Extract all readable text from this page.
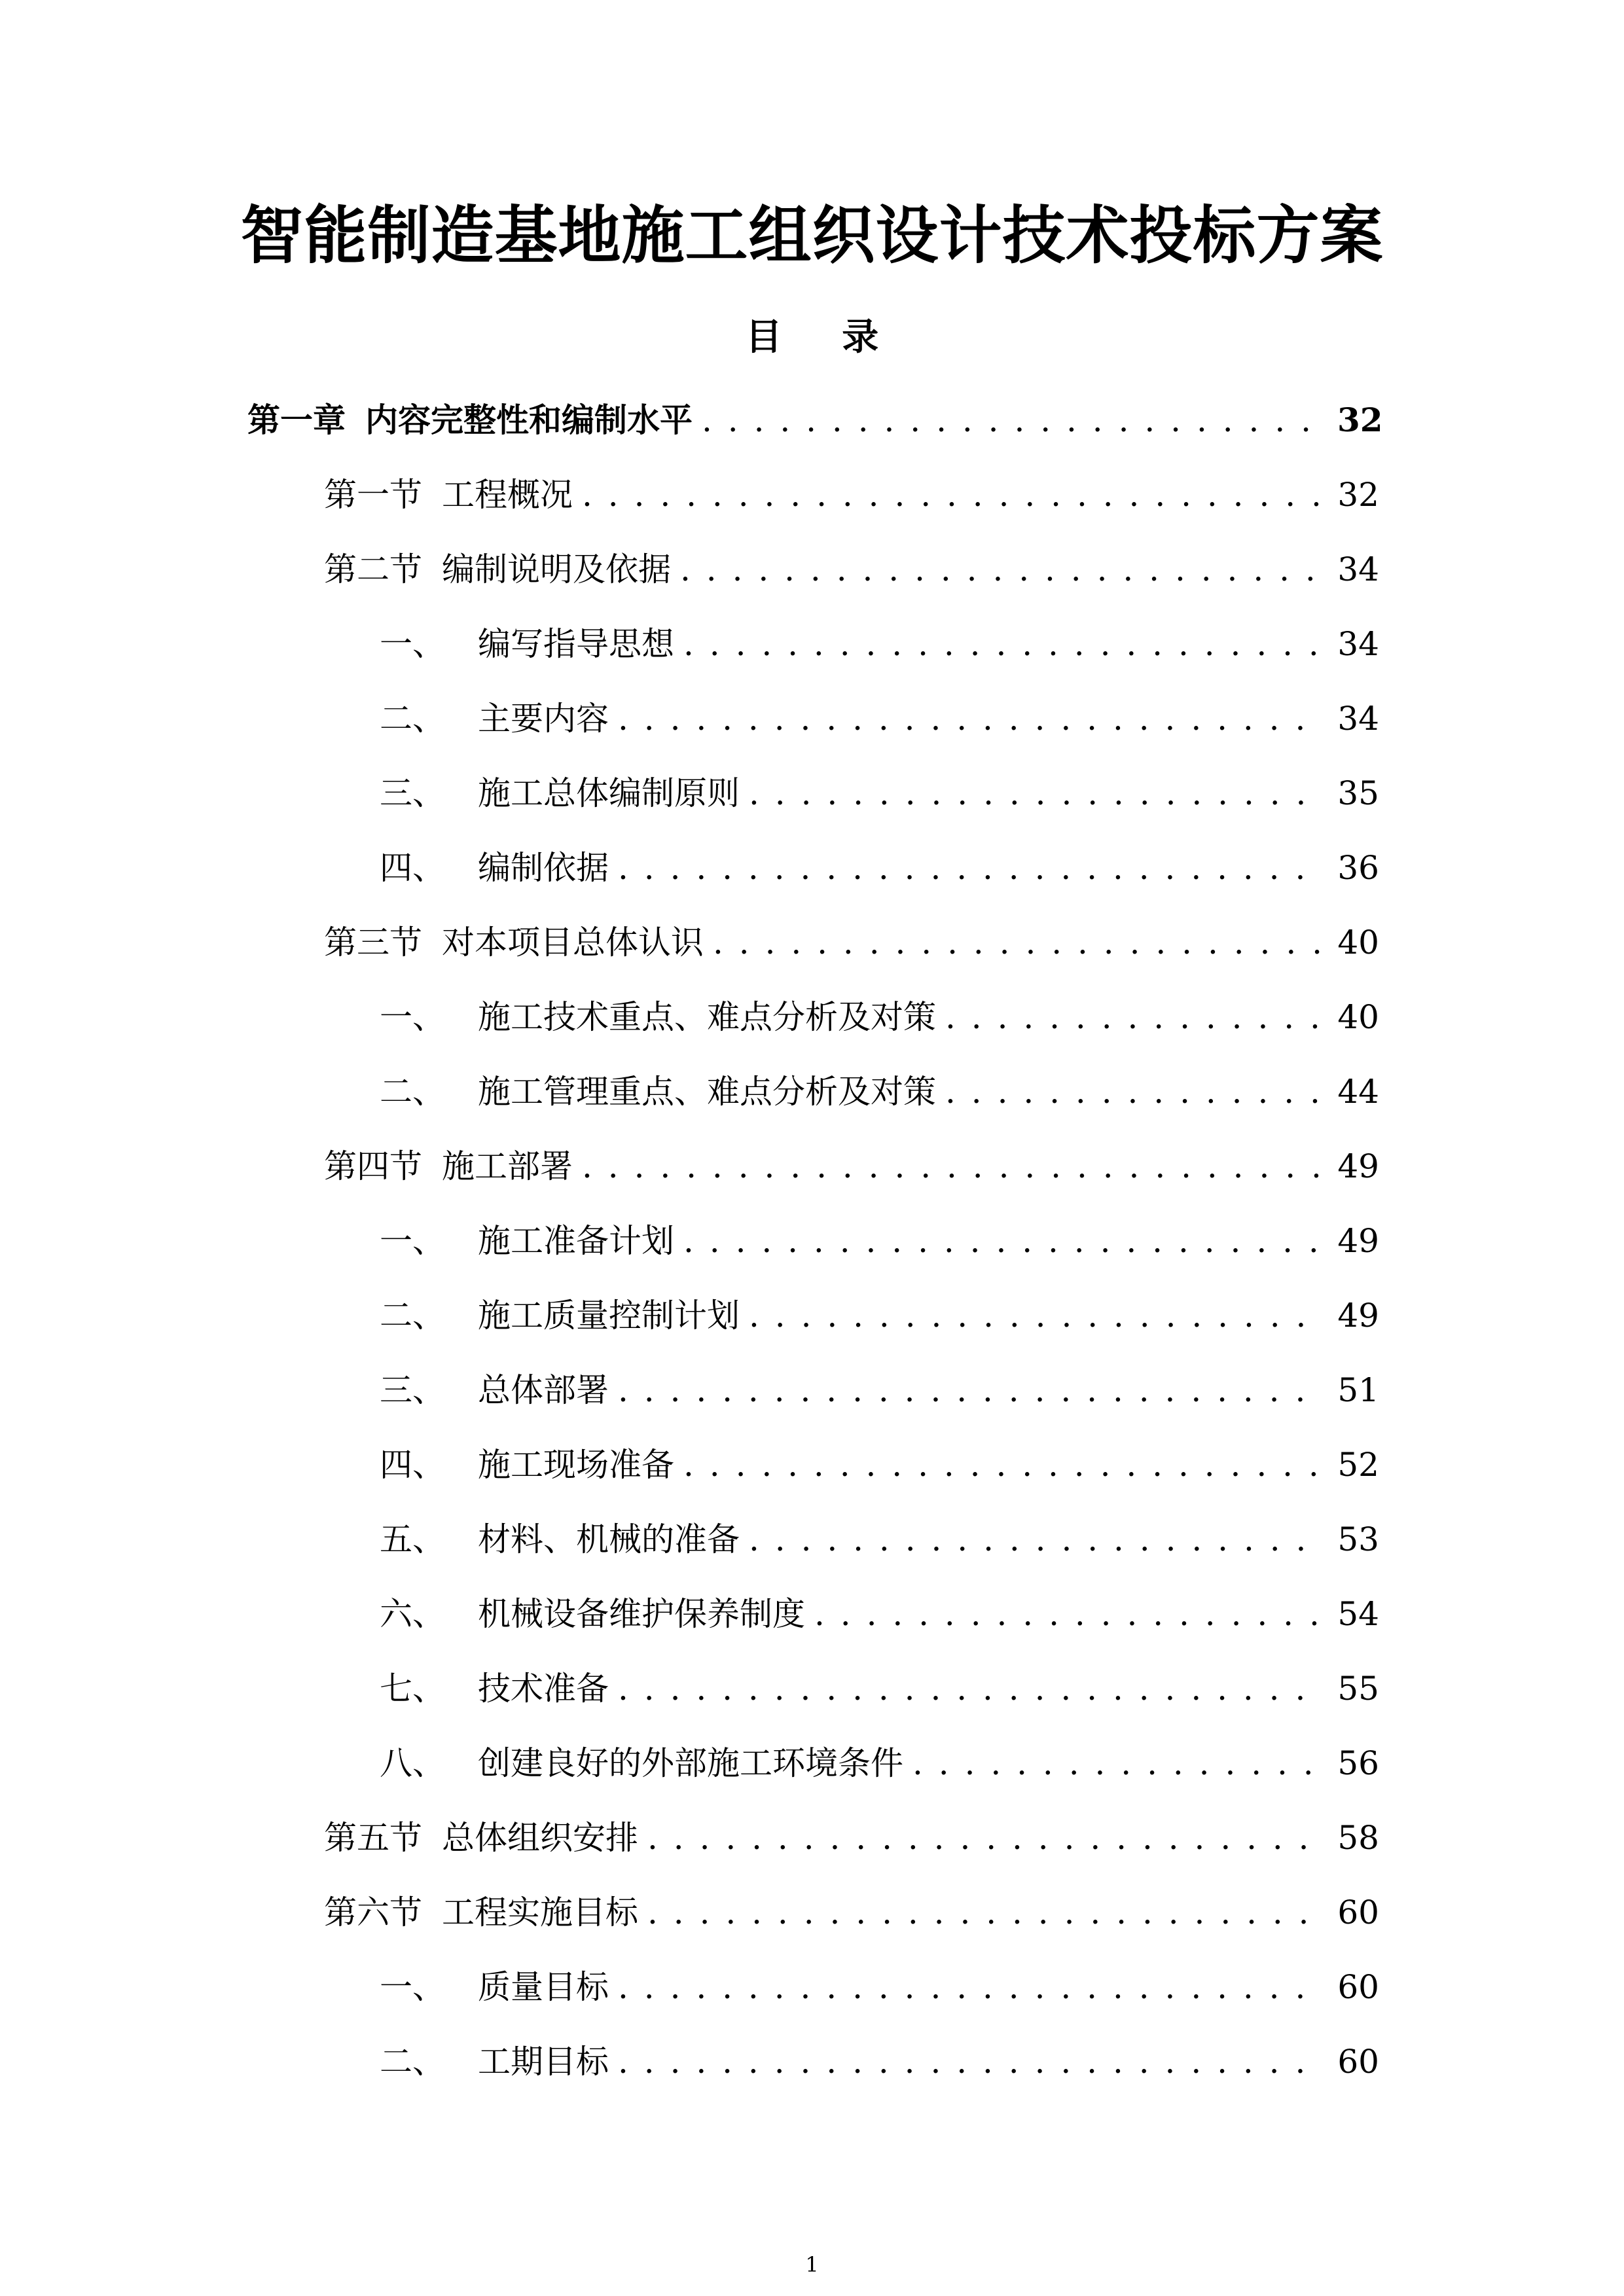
智能制造基地施工组织设计技术投标方案
目 录
第一章 内容完整性和编制水平 . . .	32
第一节 工程概况 . . .	32
第二节 编制说明及依据 . . .	34
一、	编写指导思想 . . .	34
二、	主要内容 . . .	34
三、	施工总体编制原则 . . .	35
四、	编制依据 . . .	36
第三节 对本项目总体认识 . . .	40
一、	施工技术重点、难点分析及对策 . . .	40
二、	施工管理重点、难点分析及对策 . . .	44
第四节 施工部署 . . .	49
一、	施工准备计划 . . .	49
二、	施工质量控制计划 . . .	49
三、	总体部署 . . .	51
四、	施工现场准备 . . .	52
五、	材料、机械的准备 . . .	53
六、	机械设备维护保养制度 . . .	54
七、	技术准备 . . .	55
八、	创建良好的外部施工环境条件 . . .	56
第五节 总体组织安排 . . .	58
第六节 工程实施目标 . . .	60
一、	质量目标 . . .	60
二、	工期目标 . . .	60
1
